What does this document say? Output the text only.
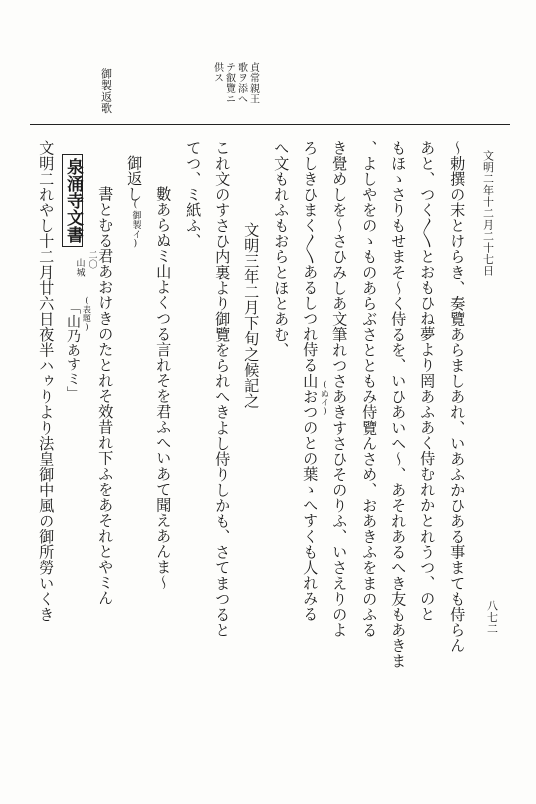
貞常親王
歌ヲ添へ
テ叡覽ニ
供ス
御製返歌
文明二年十二月二十七日
八七二
〜勅撰の末とけらき、奏覽あらましあれ、いあふかひある事まても侍らん
あと、つく〳〵とおもひね夢より罔あふあく侍むれかとれうつ、のと
もほゝさりもせまそ〜く侍るを、いひあいヘ〜、あそれあるへき友もあきま
、よしやをのゝものあらぶさとともみ侍覽んさめ、おあきふをまのふる
き覺めしを〜さひみしあ文筆れつさあきすさひそのりふ、いさえりのよ
(ぬイ)
ろしきひまく〳〵あるしつれ侍る山おつのとの葉ゝへすくも人れみる
へ文もれふもおらとほとあむ、
文明三年二月下旬之候記之
これ文のすさひ内裏より御覽をられへきよし侍りしかも、さてまつると
てつ、ミ紙ふ、
數あらぬミ山よくつる言れそを君ふへいあて聞えあんま〜
御返し
(御製イ)
書とむる君あおけきのたとれそ效昔れ下ふをあそれとやミん
泉涌寺文書
二〇
山城
(表題)
「山乃あすミ」
文明二れやし十二月廿六日夜半ハゥりより法皇御中風の御所勞いくき
